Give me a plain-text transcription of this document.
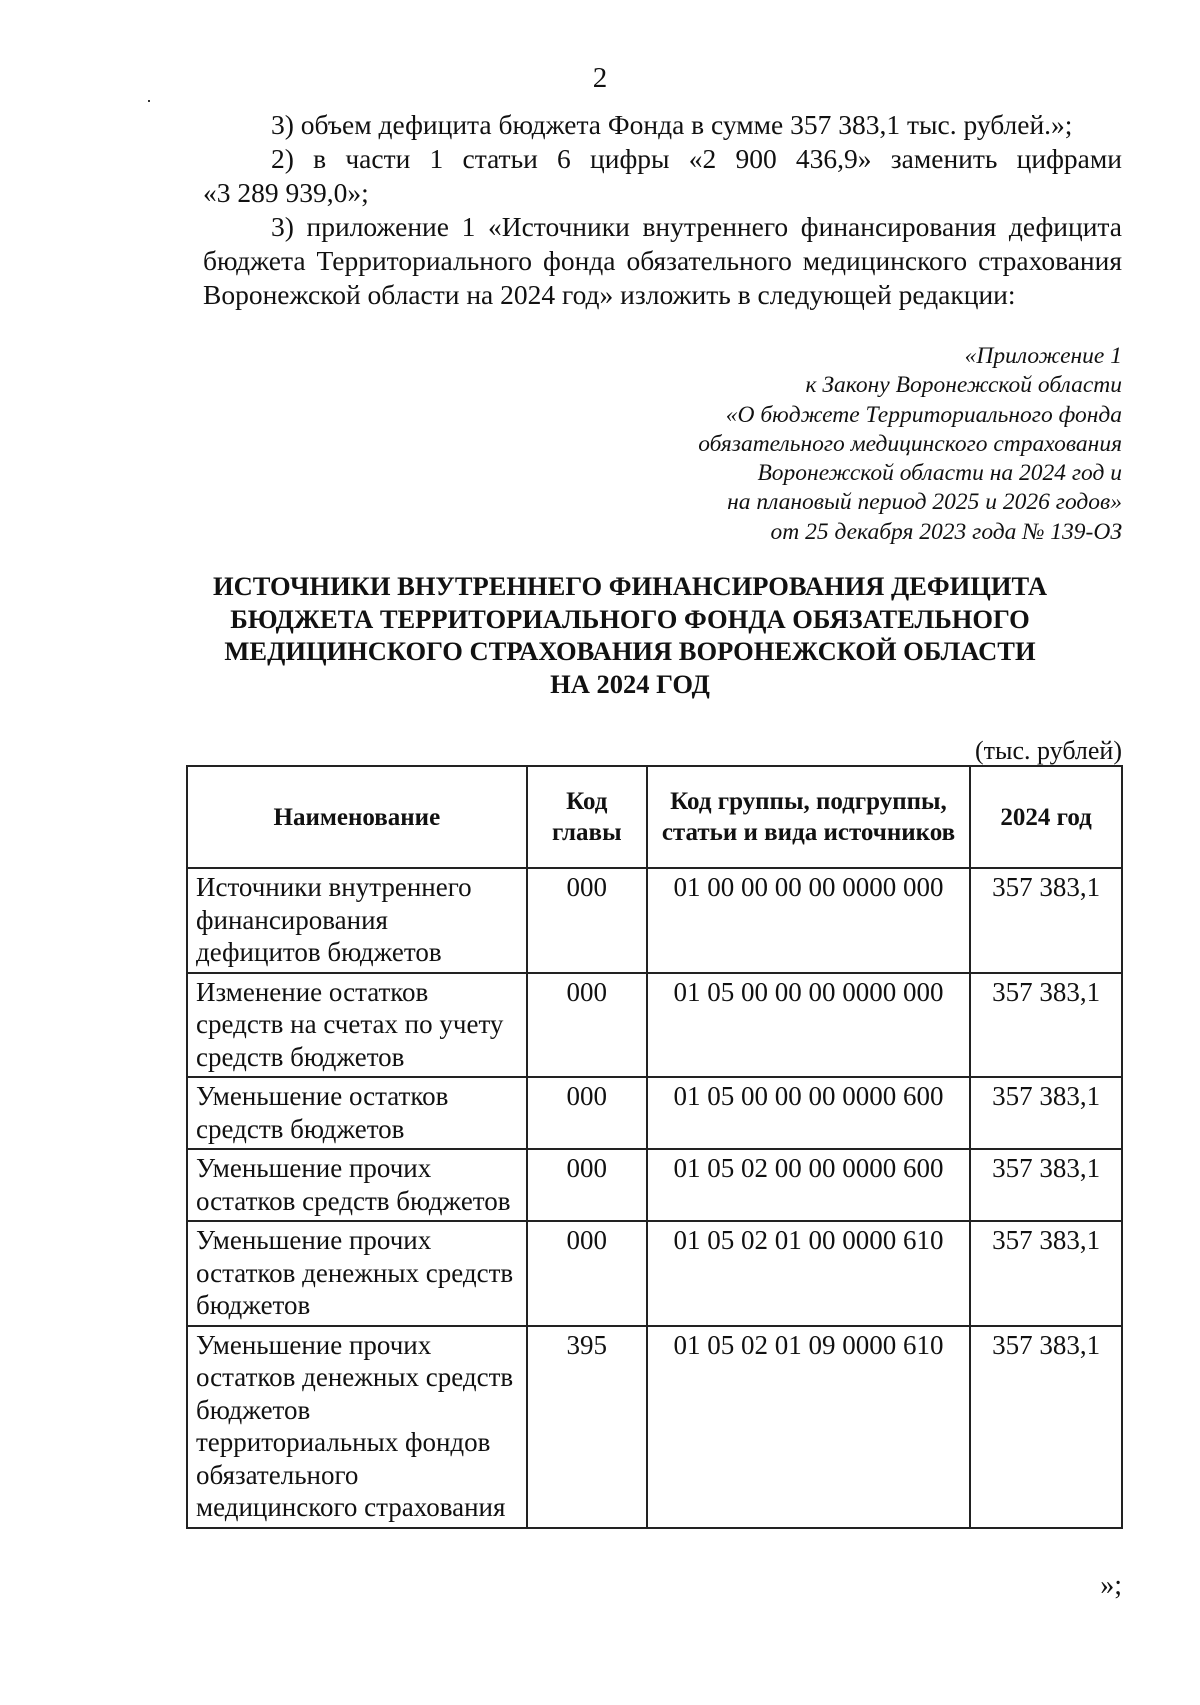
2

3) объем дефицита бюджета Фонда в сумме 357 383,1 тыс. рублей.»;

2) в части 1 статьи 6 цифры «2 900 436,9» заменить цифрами

«3 289 939,0»;

3) приложение 1 «Источники внутреннего финансирования дефицита бюджета Территориального фонда обязательного медицинского страхования Воронежской области на 2024 год» изложить в следующей редакции:

«Приложение 1
к Закону Воронежской области
«О бюджете Территориального фонда
обязательного медицинского страхования
Воронежской области на 2024 год и
на плановый период 2025 и 2026 годов»
от 25 декабря 2023 года № 139-ОЗ
ИСТОЧНИКИ ВНУТРЕННЕГО ФИНАНСИРОВАНИЯ ДЕФИЦИТА
БЮДЖЕТА ТЕРРИТОРИАЛЬНОГО ФОНДА ОБЯЗАТЕЛЬНОГО
МЕДИЦИНСКОГО СТРАХОВАНИЯ ВОРОНЕЖСКОЙ ОБЛАСТИ
НА 2024 ГОД
(тыс. рублей)
Наименование	Код главы	Код группы, подгруппы, статьи и вида источников	2024 год
Источники внутреннего финансирования дефицитов бюджетов	000	01 00 00 00 00 0000 000	357 383,1
Изменение остатков средств на счетах по учету средств бюджетов	000	01 05 00 00 00 0000 000	357 383,1
Уменьшение остатков средств бюджетов	000	01 05 00 00 00 0000 600	357 383,1
Уменьшение прочих остатков средств бюджетов	000	01 05 02 00 00 0000 600	357 383,1
Уменьшение прочих остатков денежных средств бюджетов	000	01 05 02 01 00 0000 610	357 383,1
Уменьшение прочих остатков денежных средств бюджетов территориальных фондов обязательного медицинского страхования	395	01 05 02 01 09 0000 610	357 383,1
»;
